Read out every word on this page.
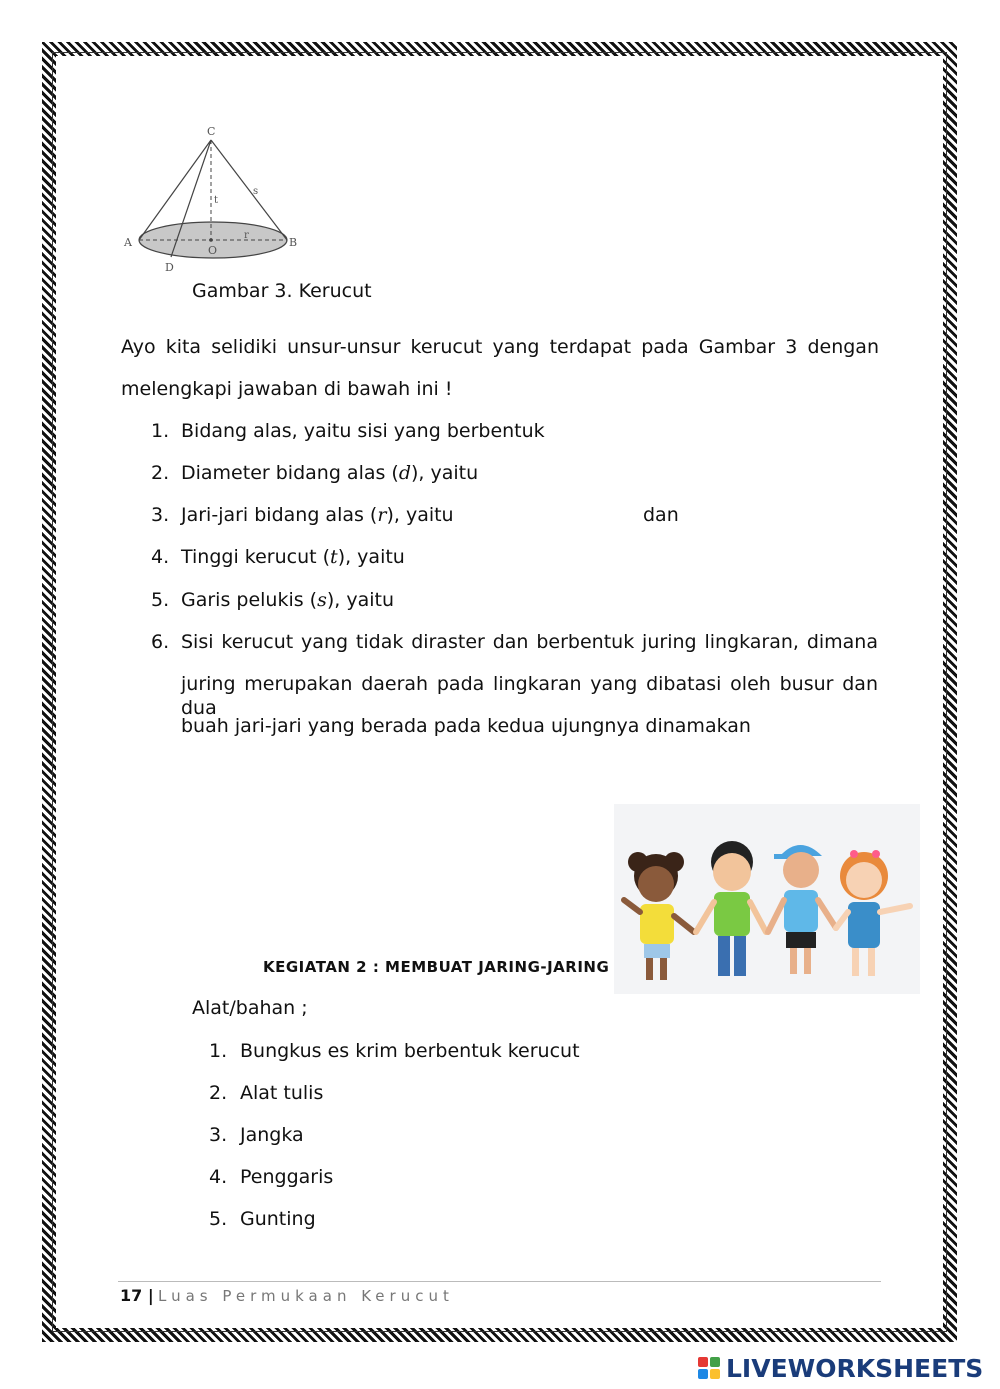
C
t
s
A
O
r
B
D
Gambar 3. Kerucut
Ayo kita selidiki unsur-unsur kerucut yang terdapat pada Gambar 3 dengan
melengkapi jawaban di bawah ini !
1. Bidang alas, yaitu sisi yang berbentuk
2. Diameter bidang alas (d), yaitu
3. Jari-jari bidang alas (r), yaitu	dan
4. Tinggi kerucut (t), yaitu
5. Garis pelukis (s), yaitu
6. Sisi kerucut yang tidak diraster dan berbentuk juring lingkaran, dimana
juring merupakan daerah pada lingkaran yang dibatasi oleh busur dan dua
buah jari-jari yang berada pada kedua ujungnya dinamakan
KEGIATAN 2 : MEMBUAT JARING-JARING
Alat/bahan ;
1. Bungkus es krim berbentuk kerucut
2. Alat tulis
3. Jangka
4. Penggaris
5. Gunting
17 | Luas Permukaan Kerucut
LIVEWORKSHEETS
